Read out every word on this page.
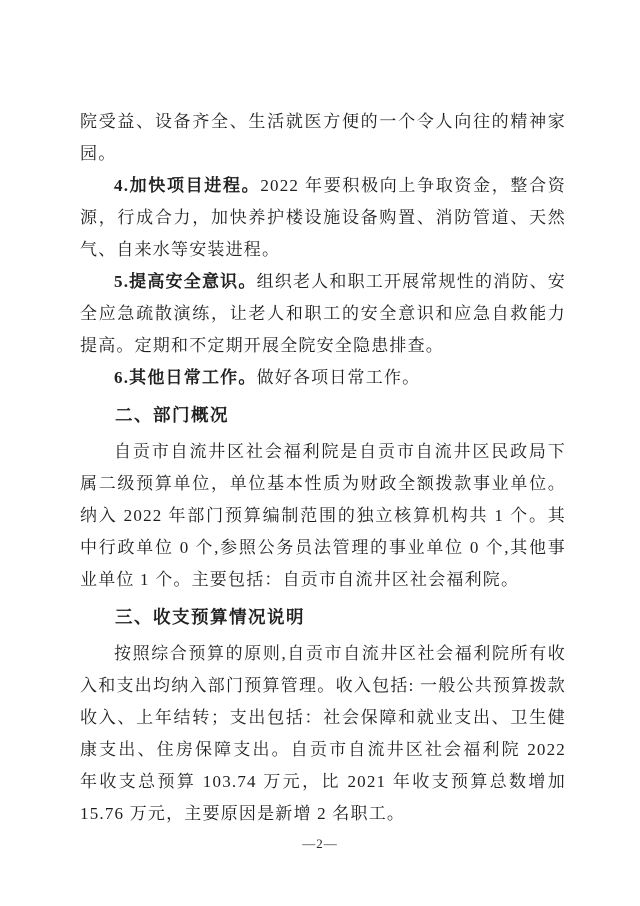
院受益、设备齐全、生活就医方便的一个令人向往的精神家园。

4.加快项目进程。2022 年要积极向上争取资金，整合资源，行成合力，加快养护楼设施设备购置、消防管道、天然气、自来水等安装进程。

5.提高安全意识。组织老人和职工开展常规性的消防、安全应急疏散演练，让老人和职工的安全意识和应急自救能力提高。定期和不定期开展全院安全隐患排查。

6.其他日常工作。做好各项日常工作。

二、部门概况

自贡市自流井区社会福利院是自贡市自流井区民政局下属二级预算单位，单位基本性质为财政全额拨款事业单位。纳入 2022 年部门预算编制范围的独立核算机构共 1 个。其中行政单位 0 个,参照公务员法管理的事业单位 0 个,其他事业单位 1 个。主要包括：自贡市自流井区社会福利院。

三、收支预算情况说明

按照综合预算的原则,自贡市自流井区社会福利院所有收入和支出均纳入部门预算管理。收入包括: 一般公共预算拨款收入、上年结转；支出包括：社会保障和就业支出、卫生健康支出、住房保障支出。自贡市自流井区社会福利院 2022 年收支总预算 103.74 万元，比 2021 年收支预算总数增加 15.76 万元，主要原因是新增 2 名职工。

—2—
